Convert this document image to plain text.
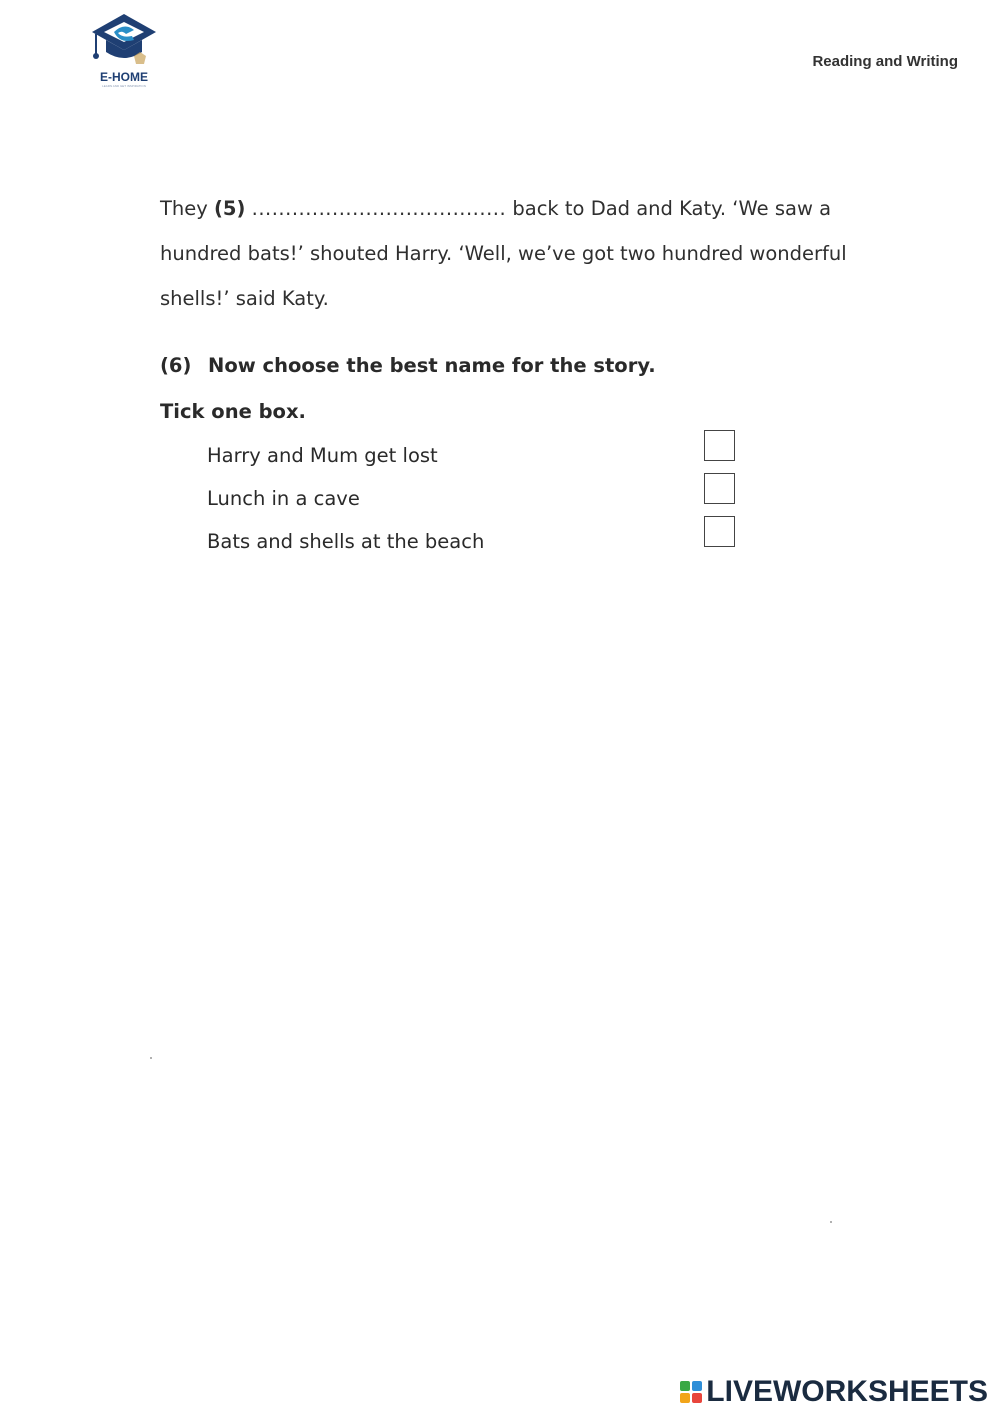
E-HOME
LEARN AND GET INSPIRATION
Reading and Writing
They (5) ...................................... back to Dad and Katy. ‘We saw a hundred bats!’ shouted Harry. ‘Well, we’ve got two hundred wonderful shells!’ said Katy.
(6) Now choose the best name for the story.
Tick one box.
Harry and Mum get lost
Lunch in a cave
Bats and shells at the beach
LIVEWORKSHEETS
